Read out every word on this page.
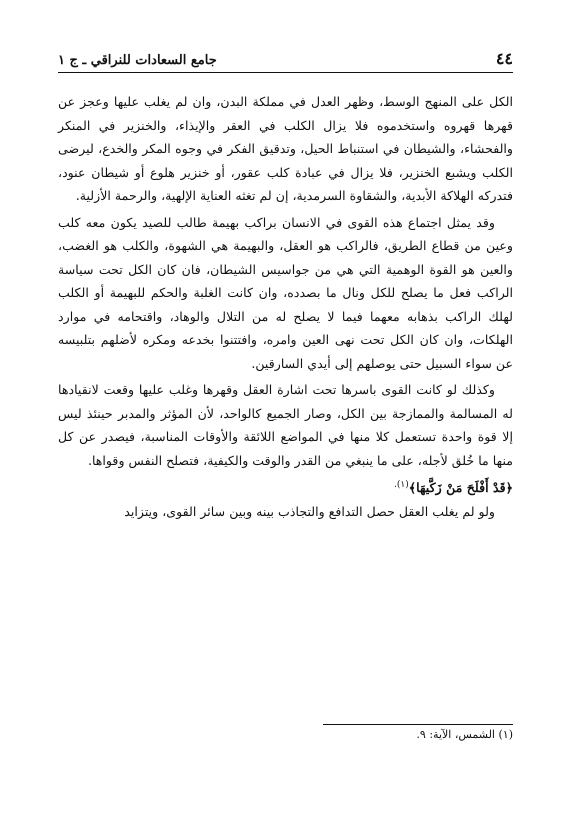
٤٤
جامع السعادات للنراقي ـ ج ١

الكل على المنهج الوسط، وظهر العدل في مملكة البدن، وان لم يغلب عليها وعجز عن قهرها قهروه واستخدموه فلا يزال الكلب في العقر والإيذاء، والخنزير في المنكر والفحشاء، والشيطان في استنباط الحيل، وتدقيق الفكر في وجوه المكر والخدع، ليرضى الكلب ويشبع الخنزير، فلا يزال في عبادة كلب عقور، أو خنزير هلوع أو شيطان عنود، فتدركه الهلاكة الأبدية، والشقاوة السرمدية، إن لم تغثه العناية الإلهية، والرحمة الأزلية.

وقد يمثل اجتماع هذه القوى في الانسان براكب بهيمة طالب للصيد يكون معه كلب وعين من قطاع الطريق، فالراكب هو العقل، والبهيمة هي الشهوة، والكلب هو الغضب، والعين هو القوة الوهمية التي هي من جواسيس الشيطان، فان كان الكل تحت سياسة الراكب فعل ما يصلح للكل ونال ما بصدده، وان كانت الغلبة والحكم للبهيمة أو الكلب لهلك الراكب بذهابه معهما فيما لا يصلح له من التلال والوهاد، واقتحامه في موارد الهلكات، وان كان الكل تحت نهى العين وامره، وافتتنوا بخدعه ومكره لأضلهم بتلبيسه عن سواء السبيل حتى يوصلهم إلى أيدي السارقين.

وكذلك لو كانت القوى باسرها تحت اشارة العقل وقهرها وغلب عليها وقعت لانقيادها له المسالمة والممازجة بين الكل، وصار الجميع كالواحد، لأن المؤثر والمدبر حينئذ ليس إلا قوة واحدة تستعمل كلا منها في المواضع اللائقة والأوقات المناسبة، فيصدر عن كل منها ما خُلق لأجله، على ما ينبغي من القدر والوقت والكيفية، فتصلح النفس وقواها.

﴿قَدْ أَفْلَحَ مَنْ زَكَّيهَا﴾$^{(١).}$

ولو لم يغلب العقل حصل التدافع والتجاذب بينه وبين سائر القوى، ويتزايد

(١) الشمس، الآية: ٩.
